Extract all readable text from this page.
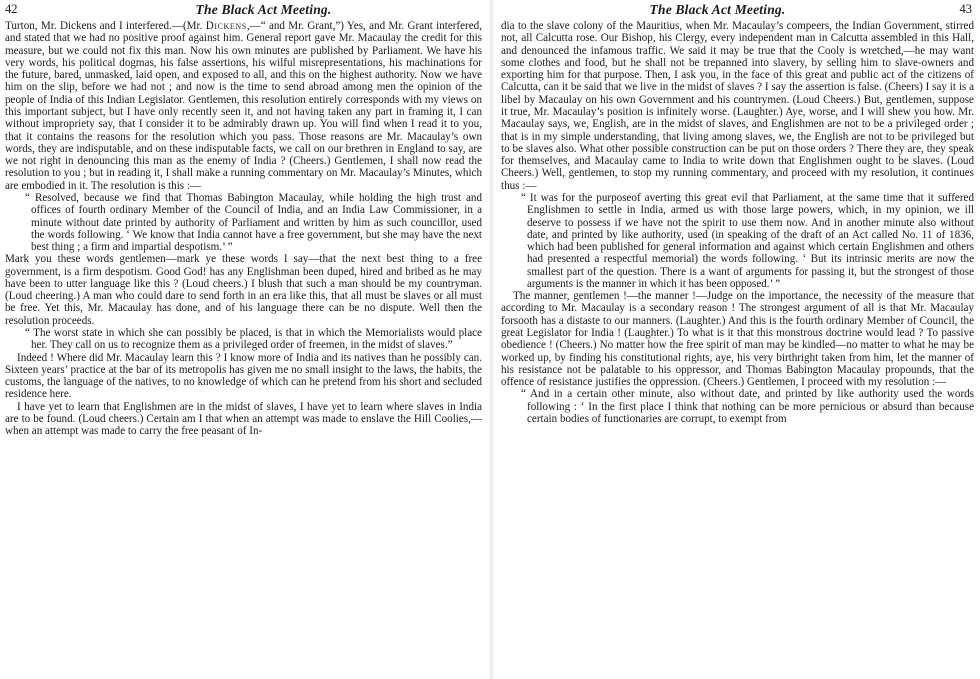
42	The Black Act Meeting.

Turton, Mr. Dickens and I interfered.—(Mr. Dickens,—“ and Mr. Grant,”) Yes, and Mr. Grant interfered, and stated that we had no positive proof against him. General report gave Mr. Macaulay the credit for this measure, but we could not fix this man. Now his own minutes are published by Parliament. We have his very words, his political dogmas, his false assertions, his wilful misrepresentations, his machinations for the future, bared, unmasked, laid open, and exposed to all, and this on the highest authority. Now we have him on the slip, before we had not ; and now is the time to send abroad among men the opinion of the people of India of this Indian Legislator. Gentlemen, this resolution entirely corresponds with my views on this important subject, but I have only recently seen it, and not having taken any part in framing it, I can without impropriety say, that I consider it to be admirably drawn up. You will find when I read it to you, that it contains the reasons for the resolution which you pass. Those reasons are Mr. Macaulay’s own words, they are indisputable, and on these indisputable facts, we call on our brethren in England to say, are we not right in denouncing this man as the enemy of India ? (Cheers.) Gentlemen, I shall now read the resolution to you ; but in reading it, I shall make a running commentary on Mr. Macaulay’s Minutes, which are embodied in it. The resolution is this :—

“ Resolved, because we find that Thomas Babington Macaulay, while holding the high trust and offices of fourth ordinary Member of the Council of India, and an India Law Commissioner, in a minute without date printed by authority of Parliament and written by him as such councillor, used the words following. ‘ We know that India cannot have a free government, but she may have the next best thing ; a firm and impartial despotism.’ ”

Mark you these words gentlemen—mark ye these words I say—that the next best thing to a free government, is a firm despotism. Good God! has any Englishman been duped, hired and bribed as he may have been to utter language like this ? (Loud cheers.) I blush that such a man should be my countryman. (Loud cheering.) A man who could dare to send forth in an era like this, that all must be slaves or all must be free. Yet this, Mr. Macaulay has done, and of his language there can be no dispute. Well then the resolution proceeds.

“ The worst state in which she can possibly be placed, is that in which the Memorialists would place her. They call on us to recognize them as a privileged order of freemen, in the midst of slaves.”

Indeed ! Where did Mr. Macaulay learn this ? I know more of India and its natives than he possibly can. Sixteen years’ practice at the bar of its metropolis has given me no small insight to the laws, the habits, the customs, the language of the natives, to no knowledge of which can he pretend from his short and secluded residence here.

I have yet to learn that Englishmen are in the midst of slaves, I have yet to learn where slaves in India are to be found. (Loud cheers.) Certain am I that when an attempt was made to enslave the Hill Coolies,—when an attempt was made to carry the free peasant of In-

The Black Act Meeting.	43

dia to the slave colony of the Mauritius, when Mr. Macaulay’s compeers, the Indian Government, stirred not, all Calcutta rose. Our Bishop, his Clergy, every independent man in Calcutta assembled in this Hall, and denounced the infamous traffic. We said it may be true that the Cooly is wretched,—he may want some clothes and food, but he shall not be trepanned into slavery, by selling him to slave-owners and exporting him for that purpose. Then, I ask you, in the face of this great and public act of the citizens of Calcutta, can it be said that we live in the midst of slaves ? I say the assertion is false. (Cheers) I say it is a libel by Macaulay on his own Government and his countrymen. (Loud Cheers.) But, gentlemen, suppose it true, Mr. Macaulay’s position is infinitely worse. (Laughter.) Aye, worse, and I will shew you how. Mr. Macaulay says, we, English, are in the midst of slaves, and Englishmen are not to be a privileged order ; that is in my simple understanding, that living among slaves, we, the English are not to be privileged but to be slaves also. What other possible construction can be put on those orders ? There they are, they speak for themselves, and Macaulay came to India to write down that Englishmen ought to be slaves. (Loud Cheers.) Well, gentlemen, to stop my running commentary, and proceed with my resolution, it continues thus :—

“ It was for the purposeof averting this great evil that Parliament, at the same time that it suffered Englishmen to settle in India, armed us with those large powers, which, in my opinion, we ill deserve to possess if we have not the spirit to use them now. And in another minute also without date, and printed by like authority, used (in speaking of the draft of an Act called No. 11 of 1836, which had been published for general information and against which certain Englishmen and others had presented a respectful memorial) the words following. ‘ But its intrinsic merits are now the smallest part of the question. There is a want of arguments for passing it, but the strongest of those arguments is the manner in which it has been opposed.’ ”

The manner, gentlemen !—the manner !—Judge on the importance, the necessity of the measure that according to Mr. Macaulay is a secondary reason ! The strongest argument of all is that Mr. Macaulay forsooth has a distaste to our manners. (Laughter.) And this is the fourth ordinary Member of Council, the great Legislator for India ! (Laughter.) To what is it that this monstrous doctrine would lead ? To passive obedience ! (Cheers.) No matter how the free spirit of man may be kindled—no matter to what he may be worked up, by finding his constitutional rights, aye, his very birthright taken from him, let the manner of his resistance not be palatable to his oppressor, and Thomas Babington Macaulay propounds, that the offence of resistance justifies the oppression. (Cheers.) Gentlemen, I proceed with my resolution :—

“ And in a certain other minute, also without date, and printed by like authority used the words following : ‘ In the first place I think that nothing can be more pernicious or absurd than because certain bodies of functionaries are corrupt, to exempt from
